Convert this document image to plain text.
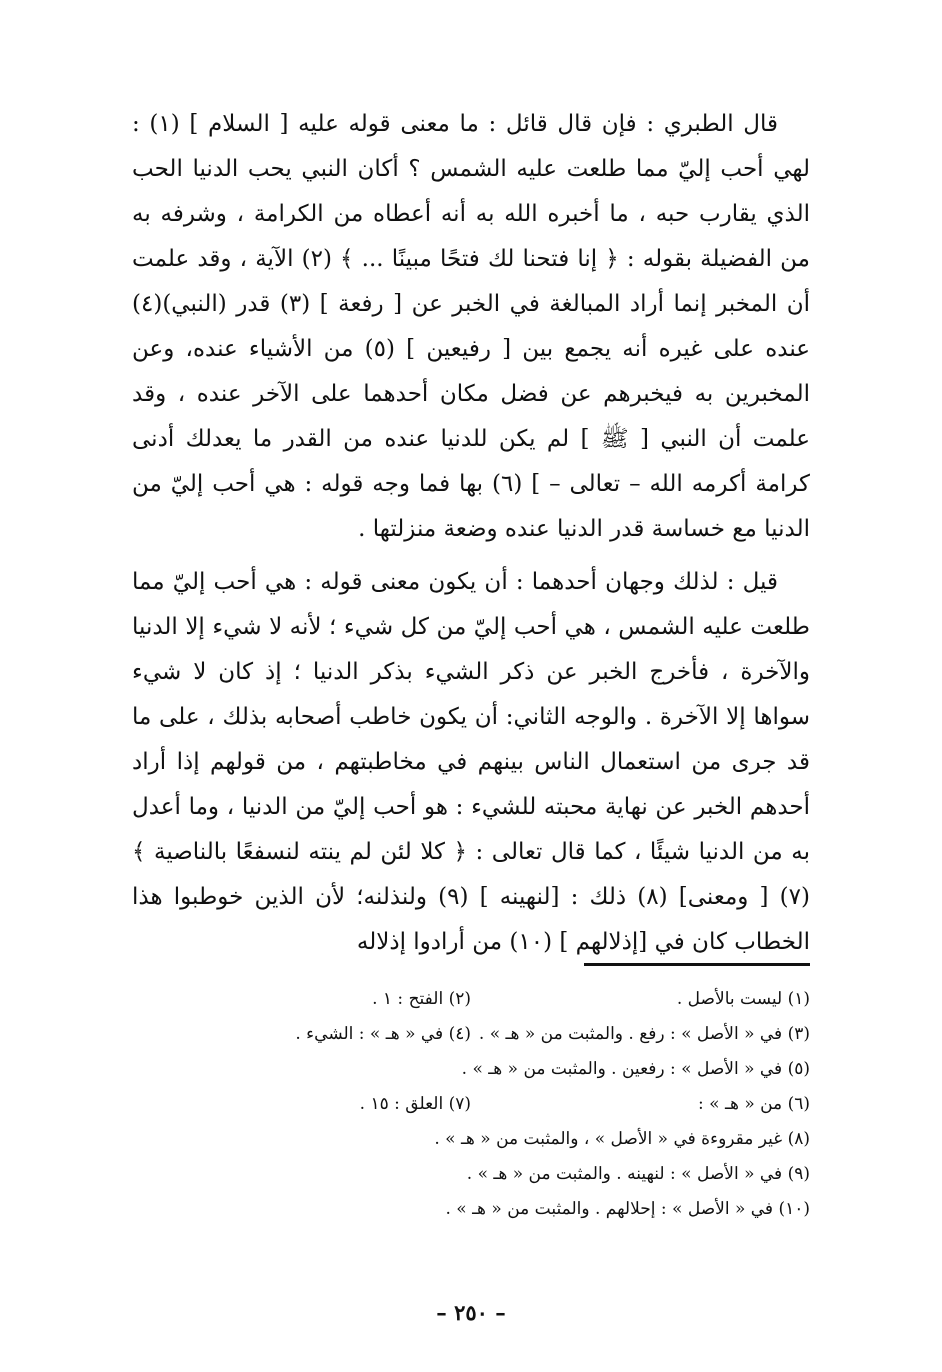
قال الطبري : فإن قال قائل : ما معنى قوله عليه [ السلام ] (١) : لهي أحب إليّ مما طلعت عليه الشمس ؟ أكان النبي يحب الدنيا الحب الذي يقارب حبه ، ما أخبره الله به أنه أعطاه من الكرامة ، وشرفه به من الفضيلة بقوله : ﴿ إنا فتحنا لك فتحًا مبينًا ... ﴾ (٢) الآية ، وقد علمت أن المخبر إنما أراد المبالغة في الخبر عن [ رفعة ] (٣) قدر (النبي)(٤) عنده على غيره أنه يجمع بين [ رفيعين ] (٥) من الأشياء عنده، وعن المخبرين به فيخبرهم عن فضل مكان أحدهما على الآخر عنده ، وقد علمت أن النبي [ ﷺ ] لم يكن للدنيا عنده من القدر ما يعدلك أدنى كرامة أكرمه الله – تعالى – ] (٦) بها فما وجه قوله : هي أحب إليّ من الدنيا مع خساسة قدر الدنيا عنده وضعة منزلتها .

قيل : لذلك وجهان أحدهما : أن يكون معنى قوله : هي أحب إليّ مما طلعت عليه الشمس ، هي أحب إليّ من كل شيء ؛ لأنه لا شيء إلا الدنيا والآخرة ، فأخرج الخبر عن ذكر الشيء بذكر الدنيا ؛ إذ كان لا شيء سواها إلا الآخرة . والوجه الثاني: أن يكون خاطب أصحابه بذلك ، على ما قد جرى من استعمال الناس بينهم في مخاطبتهم ، من قولهم إذا أراد أحدهم الخبر عن نهاية محبته للشيء : هو أحب إليّ من الدنيا ، وما أعدل به من الدنيا شيئًا ، كما قال تعالى : ﴿ كلا لئن لم ينته لنسفعًا بالناصية ﴾ (٧) [ ومعنى] (٨) ذلك : [لنهينه ] (٩) ولنذلنه؛ لأن الذين خوطبوا هذا الخطاب كان في [إذلالهم ] (١٠) من أرادوا إذلاله

(١) ليست بالأصل .
(٢) الفتح : ١ .
(٣) في « الأصل » : رفع . والمثبت من « هـ » .
(٤) في « هـ » : الشيء .
(٥) في « الأصل » : رفعين . والمثبت من « هـ » .
(٦) من « هـ » :
(٧) العلق : ١٥ .
(٨) غير مقروءة في « الأصل » ، والمثبت من « هـ » .
(٩) في « الأصل » : لنهينه . والمثبت من « هـ » .
(١٠) في « الأصل » : إحلالهم . والمثبت من « هـ » .
– ٢٥٠ –
